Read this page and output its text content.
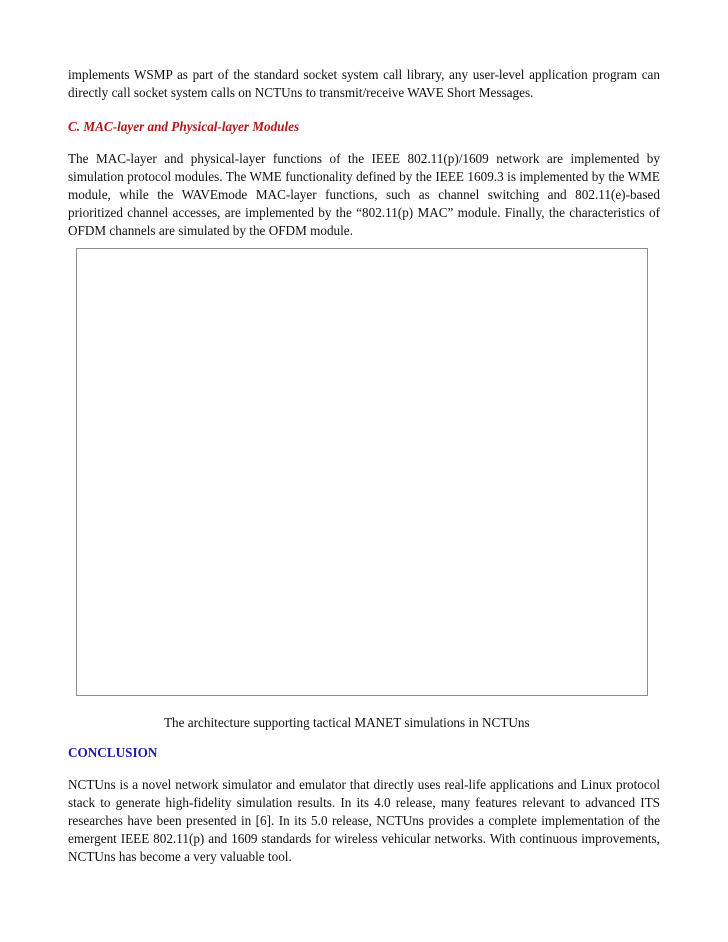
implements WSMP as part of the standard socket system call library, any user-level application program can directly call socket system calls on NCTUns to transmit/receive WAVE Short Messages.

C. MAC-layer and Physical-layer Modules

The MAC-layer and physical-layer functions of the IEEE 802.11(p)/1609 network are implemented by simulation protocol modules. The WME functionality defined by the IEEE 1609.3 is implemented by the WME module, while the WAVEmode MAC-layer functions, such as channel switching and 802.11(e)-based prioritized channel accesses, are implemented by the “802.11(p) MAC” module. Finally, the characteristics of OFDM channels are simulated by the OFDM module.

The architecture supporting tactical MANET simulations in NCTUns

CONCLUSION

NCTUns is a novel network simulator and emulator that directly uses real-life applications and Linux protocol stack to generate high-fidelity simulation results. In its 4.0 release, many features relevant to advanced ITS researches have been presented in [6]. In its 5.0 release, NCTUns provides a complete implementation of the emergent IEEE 802.11(p) and 1609 standards for wireless vehicular networks. With continuous improvements, NCTUns has become a very valuable tool.
